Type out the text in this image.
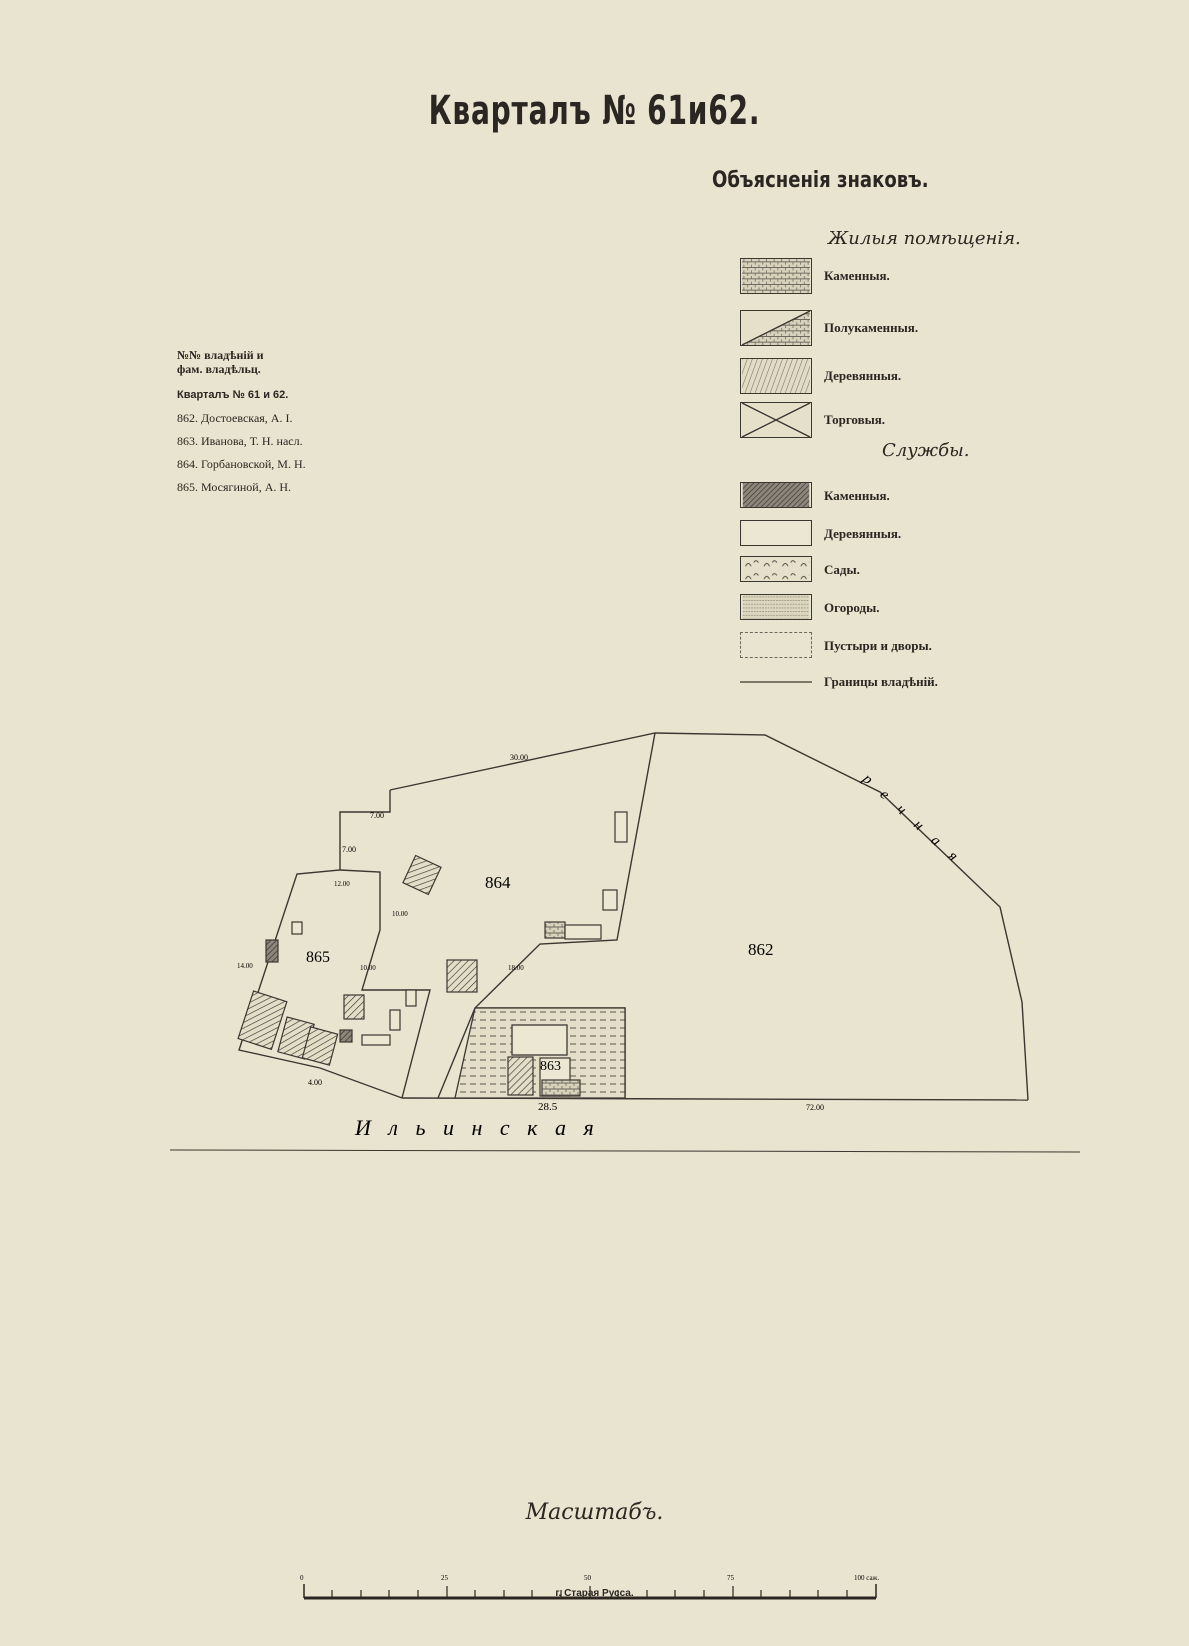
Кварталъ № 61и62.
Объясненія знаковъ.
Жилыя помѣщенія.
Каменныя.
Полукаменныя.
Деревянныя.
Торговыя.
Службы.
Каменныя.
Деревянныя.
Сады.
Огороды.
Пустыри и дворы.
Границы владѣній.
№№ владѣній и
фам. владѣльц.
Кварталъ № 61 и 62.
862. Достоевская, А. I.
863. Иванова, Т. Н. насл.
864. Горбановской, М. Н.
865. Мосягиной, А. Н.
864
865	862
863
30.00
7.00
7.00
12.00
10.00
14.00	10.00	18.00
4.00
28.5	72.00
И л ь и н с к а я
р е ч н а я
Масштабъ.
0	25	50	75	100 саж.
г. Старая Русса.
